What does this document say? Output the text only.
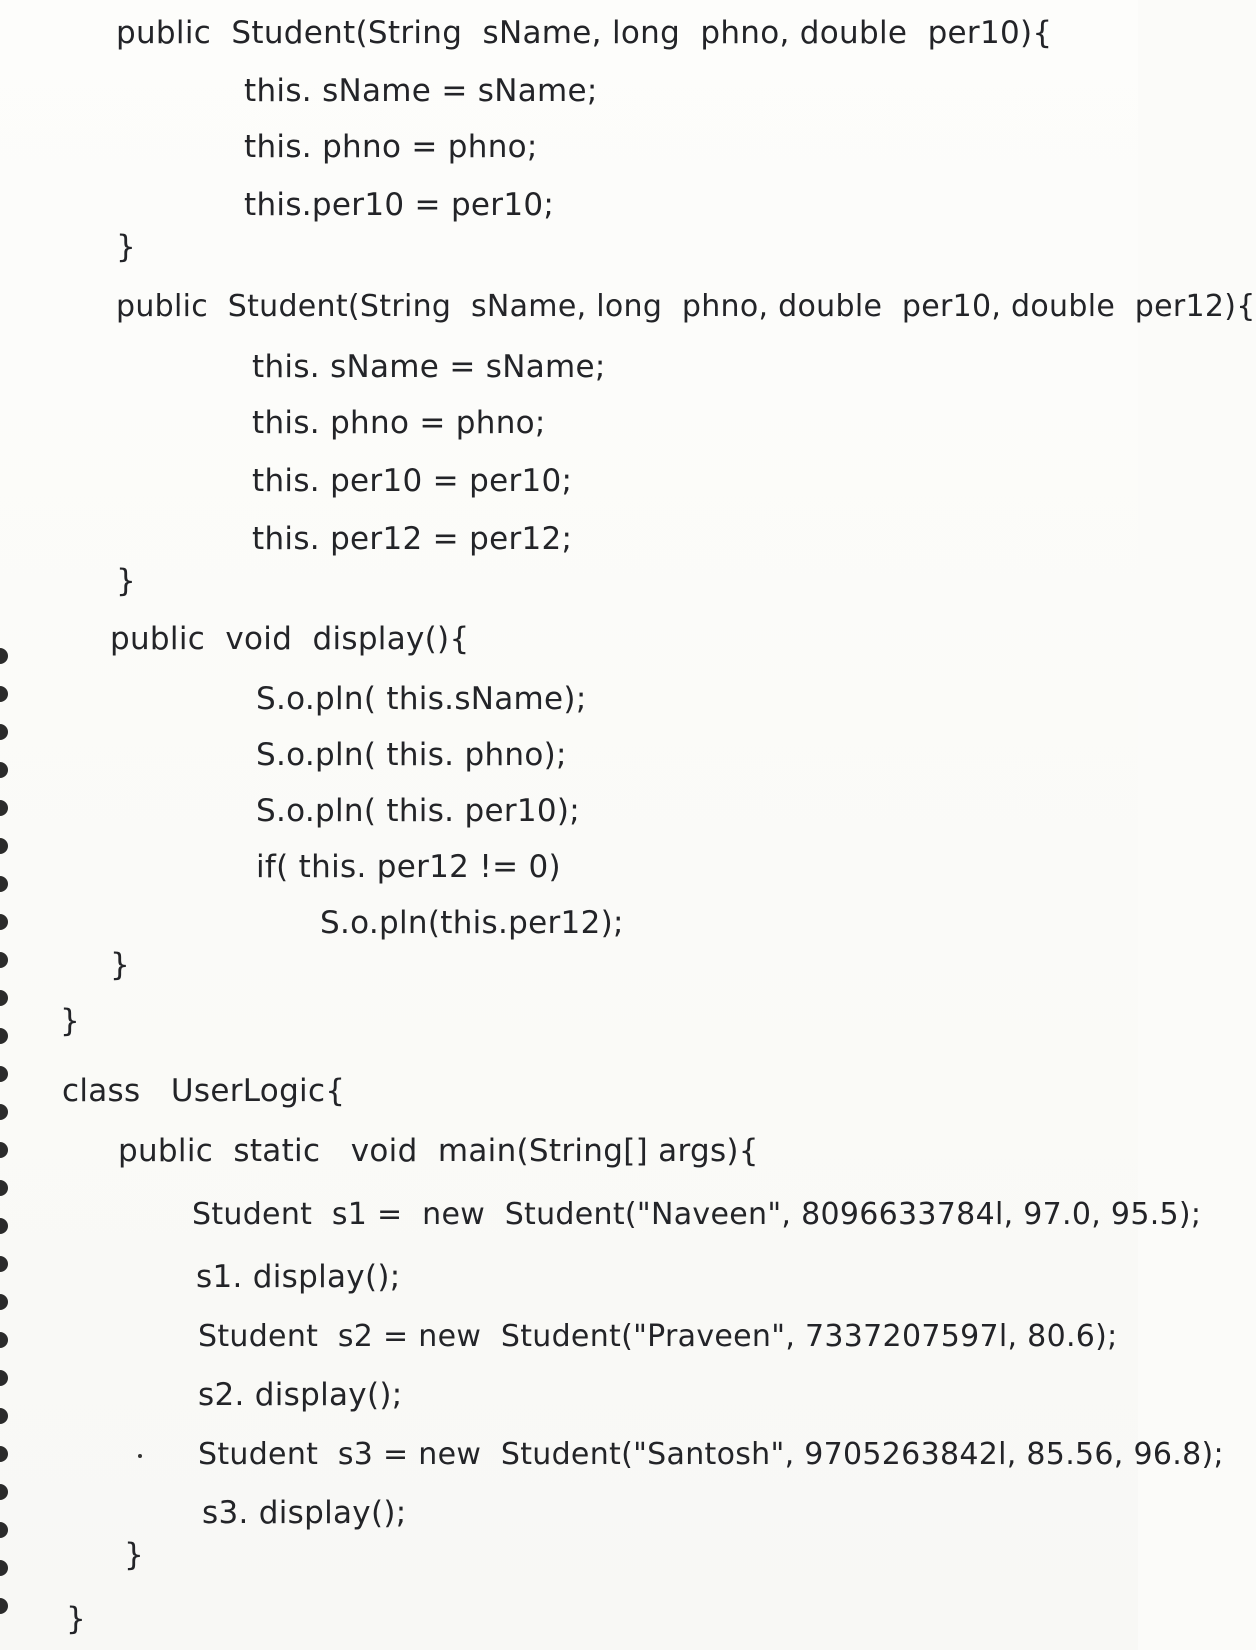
public  Student(String  sName, long  phno, double  per10){
this. sName = sName;
this. phno = phno;
this.per10 = per10;
}
public  Student(String  sName, long  phno, double  per10, double  per12){
this. sName = sName;
this. phno = phno;
this. per10 = per10;
this. per12 = per12;
}
public  void  display(){
S.o.pln( this.sName);
S.o.pln( this. phno);
S.o.pln( this. per10);
if( this. per12 != 0)
S.o.pln(this.per12);
}
}
class   UserLogic{
public  static   void  main(String[] args){
Student  s1 =  new  Student("Naveen", 8096633784l, 97.0, 95.5);
s1. display();
Student  s2 = new  Student("Praveen", 7337207597l, 80.6);
s2. display();
Student  s3 = new  Student("Santosh", 9705263842l, 85.56, 96.8);
s3. display();
}
}
